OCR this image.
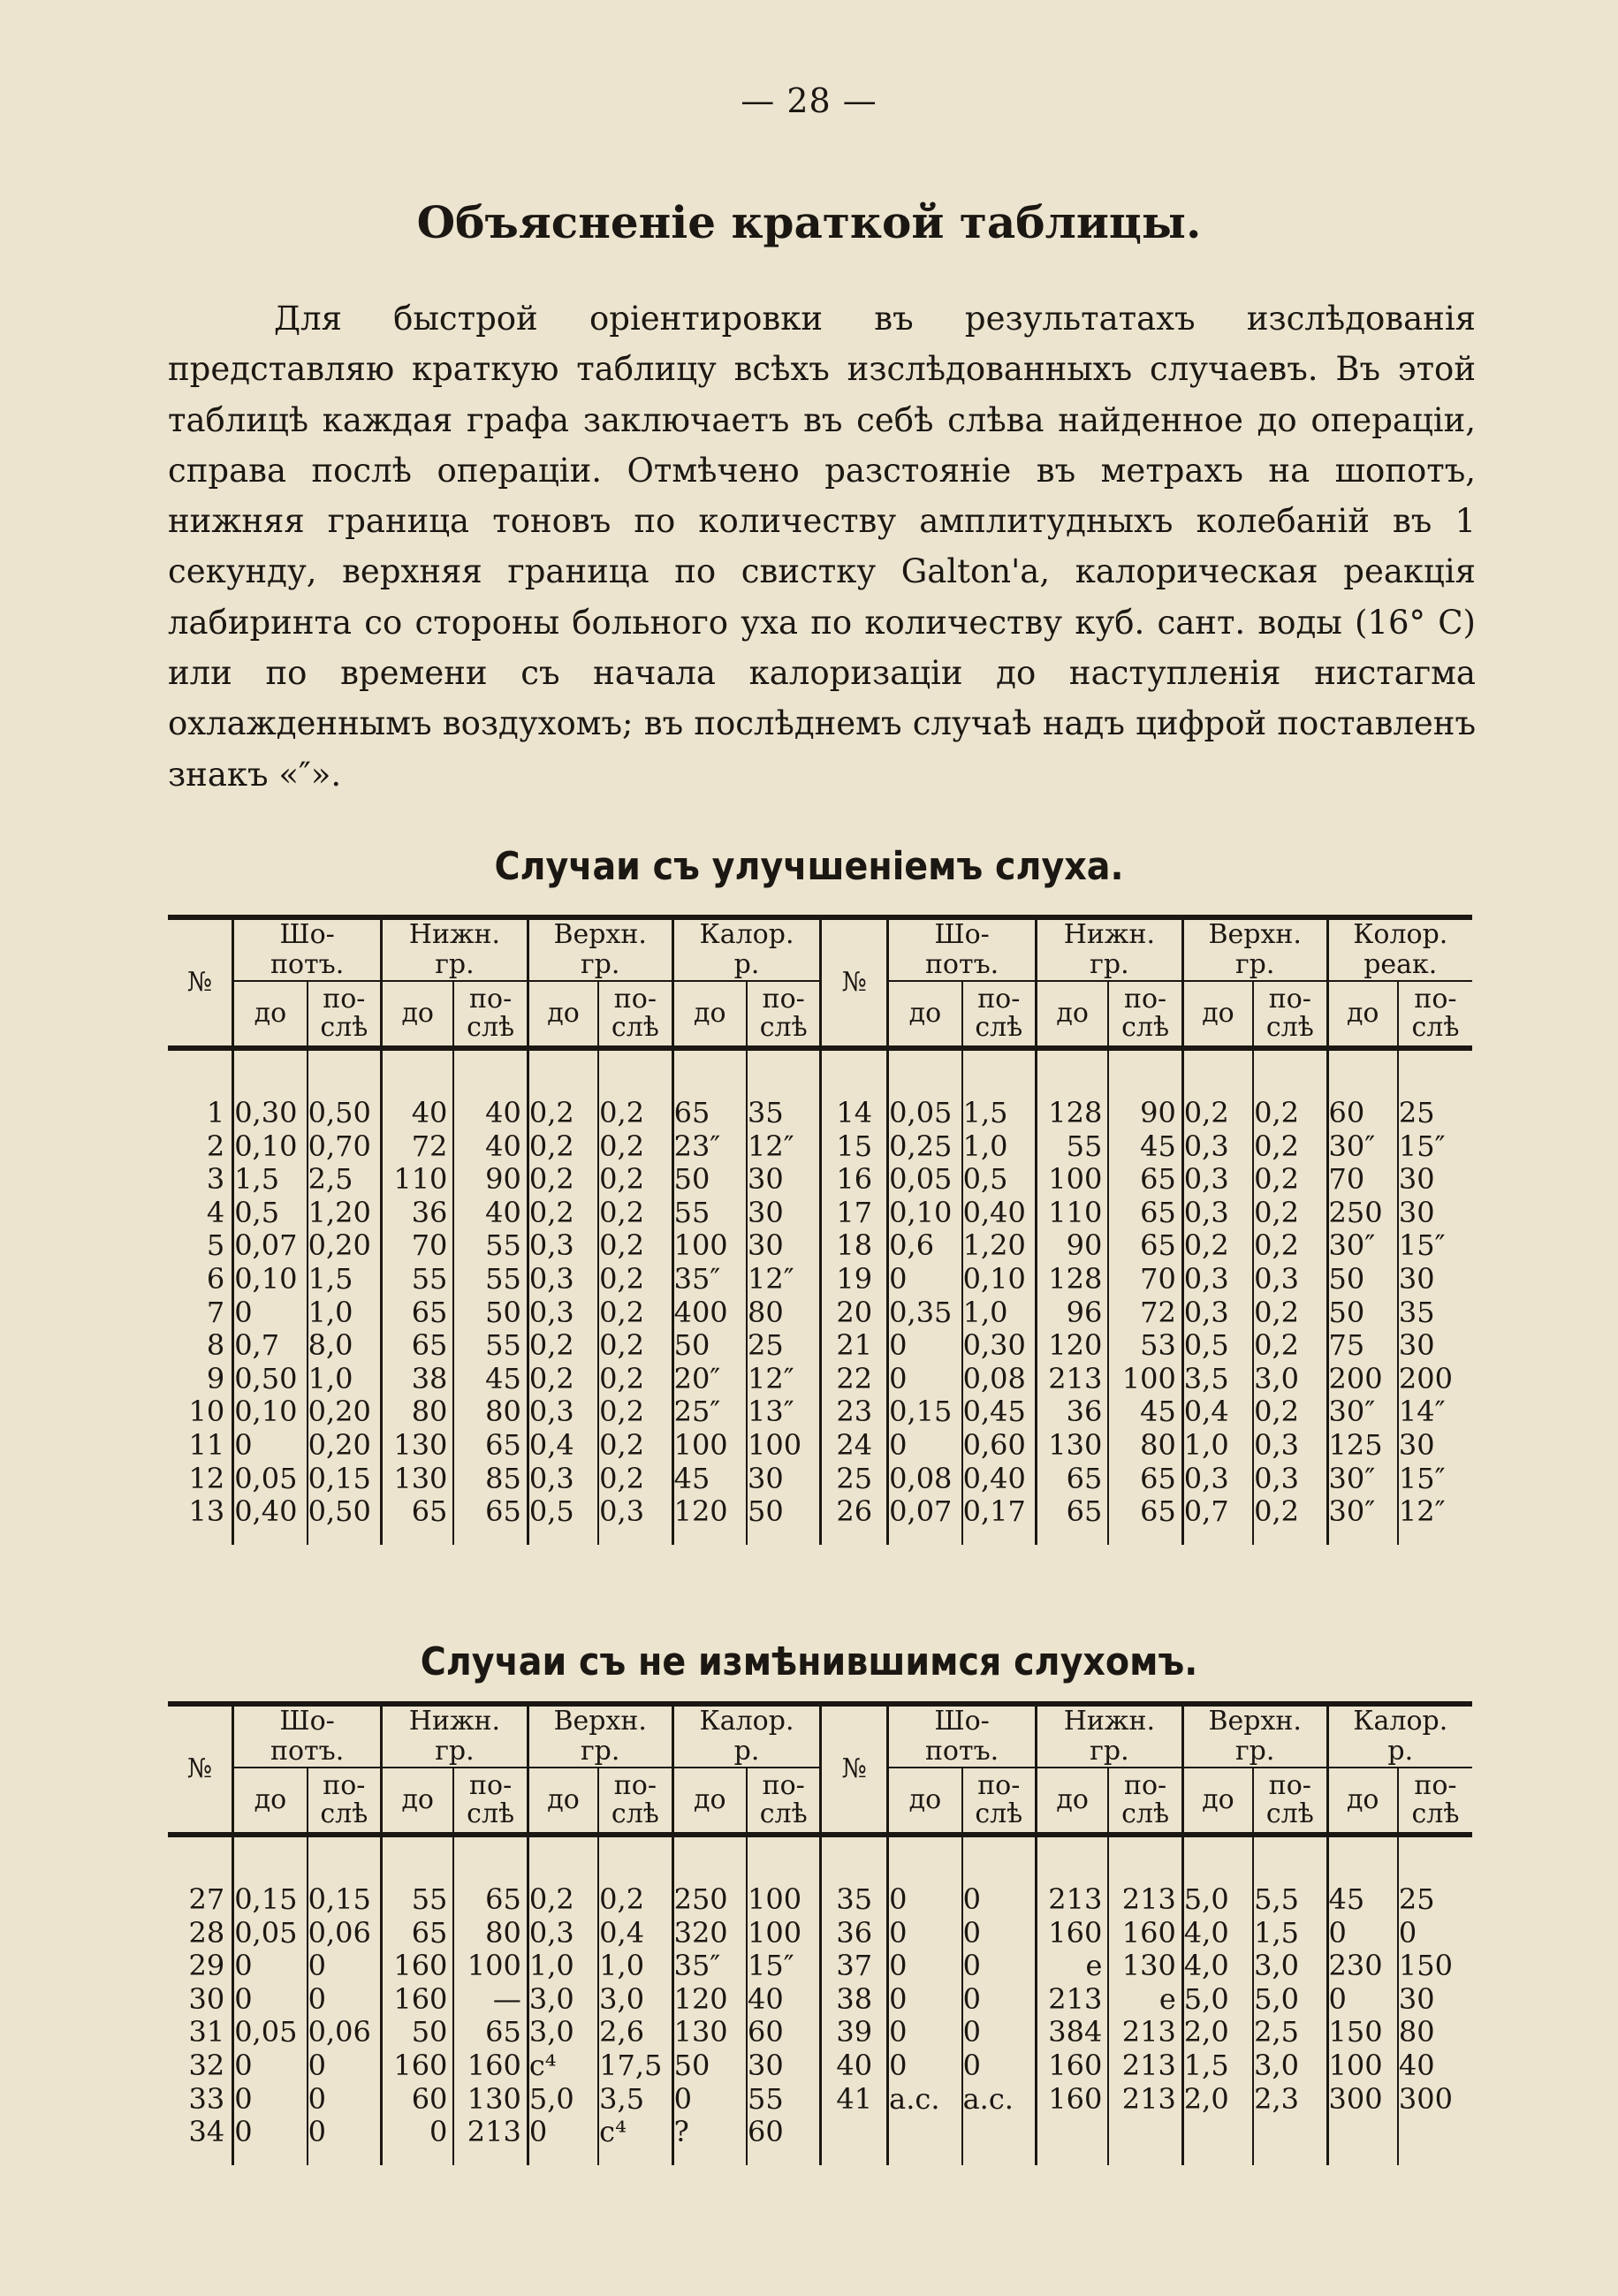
— 28 —
Объясненіе краткой таблицы.
Для быстрой оріентировки въ результатахъ изслѣдованія представляю краткую таблицу всѣхъ изслѣдованныхъ случаевъ. Въ этой таблицѣ каждая графа заключаетъ въ себѣ слѣва найденное до операціи, справа послѣ операціи. Отмѣчено разстояніе въ метрахъ на шопотъ, нижняя граница тоновъ по количеству амплитудныхъ колебаній въ 1 секунду, верхняя граница по свистку Galton'a, калорическая реакція лабиринта со стороны больного уха по количеству куб. сант. воды (16° C) или по времени съ начала калоризаціи до наступленія нистагма охлажденнымъ воздухомъ; въ послѣднемъ случаѣ надъ цифрой поставленъ знакъ «″».
Случаи съ улучшеніемъ слуха.

№	Шо-
потъ.		Нижн.
гр.		Верхн.
гр.		Калор.
р.		№	Шо-
потъ.		Нижн.
гр.		Верхн.
гр.		Колор.
реак.	
	до	по-
слѣ	до	по-
слѣ	до	по-
слѣ	до	по-
слѣ		до	по-
слѣ	до	по-
слѣ	до	по-
слѣ	до	по-
слѣ

1	0,30	0,50	40	40	0,2	0,2	65	35	14	0,05	1,5	128	90	0,2	0,2	60	25
2	0,10	0,70	72	40	0,2	0,2	23″	12″	15	0,25	1,0	55	45	0,3	0,2	30″	15″
3	1,5	2,5	110	90	0,2	0,2	50	30	16	0,05	0,5	100	65	0,3	0,2	70	30
4	0,5	1,20	36	40	0,2	0,2	55	30	17	0,10	0,40	110	65	0,3	0,2	250	30
5	0,07	0,20	70	55	0,3	0,2	100	30	18	0,6	1,20	90	65	0,2	0,2	30″	15″
6	0,10	1,5	55	55	0,3	0,2	35″	12″	19	0	0,10	128	70	0,3	0,3	50	30
7	0	1,0	65	50	0,3	0,2	400	80	20	0,35	1,0	96	72	0,3	0,2	50	35
8	0,7	8,0	65	55	0,2	0,2	50	25	21	0	0,30	120	53	0,5	0,2	75	30
9	0,50	1,0	38	45	0,2	0,2	20″	12″	22	0	0,08	213	100	3,5	3,0	200	200
10	0,10	0,20	80	80	0,3	0,2	25″	13″	23	0,15	0,45	36	45	0,4	0,2	30″	14″
11	0	0,20	130	65	0,4	0,2	100	100	24	0	0,60	130	80	1,0	0,3	125	30
12	0,05	0,15	130	85	0,3	0,2	45	30	25	0,08	0,40	65	65	0,3	0,3	30″	15″
13	0,40	0,50	65	65	0,5	0,3	120	50	26	0,07	0,17	65	65	0,7	0,2	30″	12″

Случаи съ не измѣнившимся слухомъ.

№	Шо-
потъ.		Нижн.
гр.		Верхн.
гр.		Калор.
р.		№	Шо-
потъ.		Нижн.
гр.		Верхн.
гр.		Калор.
р.	
	до	по-
слѣ	до	по-
слѣ	до	по-
слѣ	до	по-
слѣ		до	по-
слѣ	до	по-
слѣ	до	по-
слѣ	до	по-
слѣ

27	0,15	0,15	55	65	0,2	0,2	250	100	35	0	0	213	213	5,0	5,5	45	25
28	0,05	0,06	65	80	0,3	0,4	320	100	36	0	0	160	160	4,0	1,5	0	0
29	0	0	160	100	1,0	1,0	35″	15″	37	0	0	e	130	4,0	3,0	230	150
30	0	0	160	—	3,0	3,0	120	40	38	0	0	213	e	5,0	5,0	0	30
31	0,05	0,06	50	65	3,0	2,6	130	60	39	0	0	384	213	2,0	2,5	150	80
32	0	0	160	160	c⁴	17,5	50	30	40	0	0	160	213	1,5	3,0	100	40
33	0	0	60	130	5,0	3,5	0	55	41	a.c.	a.c.	160	213	2,0	2,3	300	300
34	0	0	0	213	0	c⁴	?	60									
